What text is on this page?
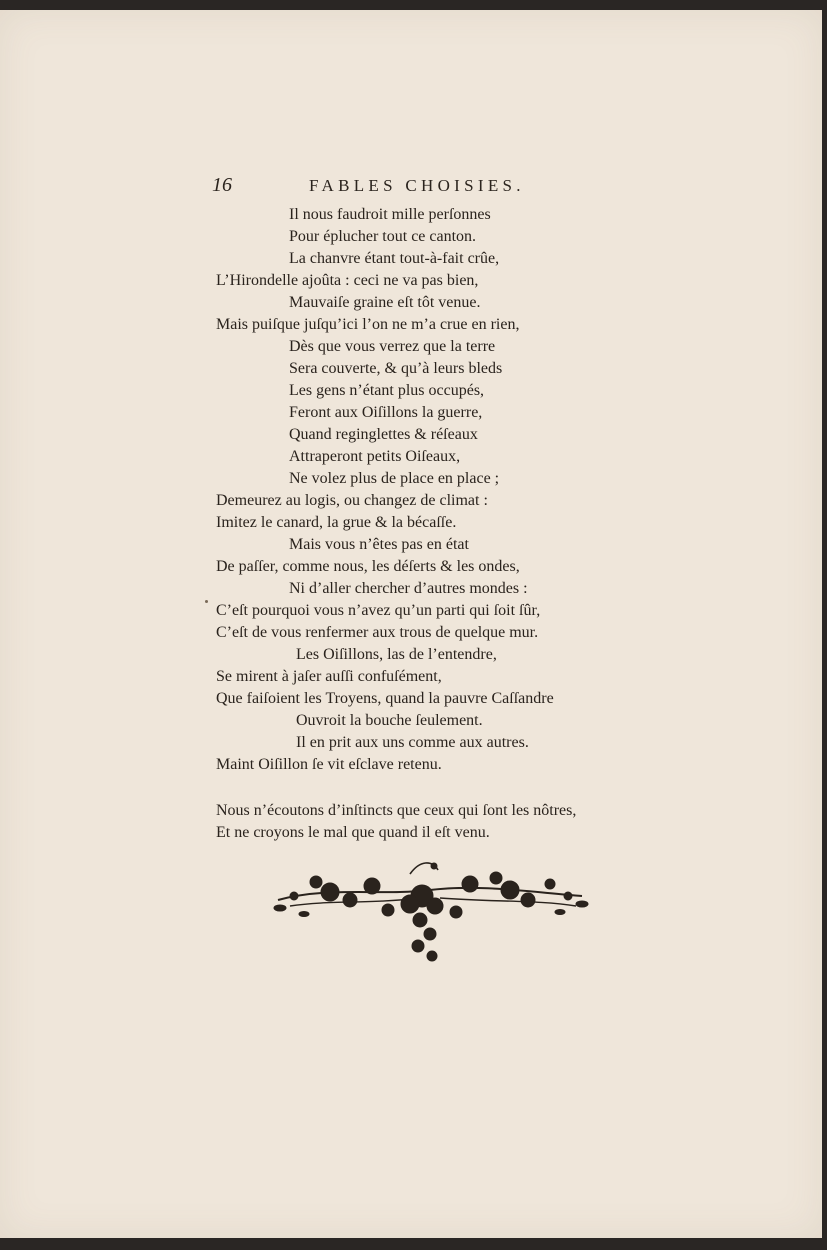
16	FABLES CHOISIES.
Il nous faudroit mille perſonnes
Pour éplucher tout ce canton.
La chanvre étant tout-à-fait crûe,
L’Hirondelle ajoûta : ceci ne va pas bien,
Mauvaiſe graine eſt tôt venue.
Mais puiſque juſqu’ici l’on ne m’a crue en rien,
Dès que vous verrez que la terre
Sera couverte, & qu’à leurs bleds
Les gens n’étant plus occupés,
Feront aux Oiſillons la guerre,
Quand reginglettes & réſeaux
Attraperont petits Oiſeaux,
Ne volez plus de place en place ;
Demeurez au logis, ou changez de climat :
Imitez le canard, la grue & la bécaſſe.
Mais vous n’êtes pas en état
De paſſer, comme nous, les déſerts & les ondes,
Ni d’aller chercher d’autres mondes :
C’eſt pourquoi vous n’avez qu’un parti qui ſoit ſûr,
C’eſt de vous renfermer aux trous de quelque mur.
Les Oiſillons, las de l’entendre,
Se mirent à jaſer auſſi confuſément,
Que faiſoient les Troyens, quand la pauvre Caſſandre
Ouvroit la bouche ſeulement.
Il en prit aux uns comme aux autres.
Maint Oiſillon ſe vit eſclave retenu.
Nous n’écoutons d’inſtincts que ceux qui ſont les nôtres,
Et ne croyons le mal que quand il eſt venu.
